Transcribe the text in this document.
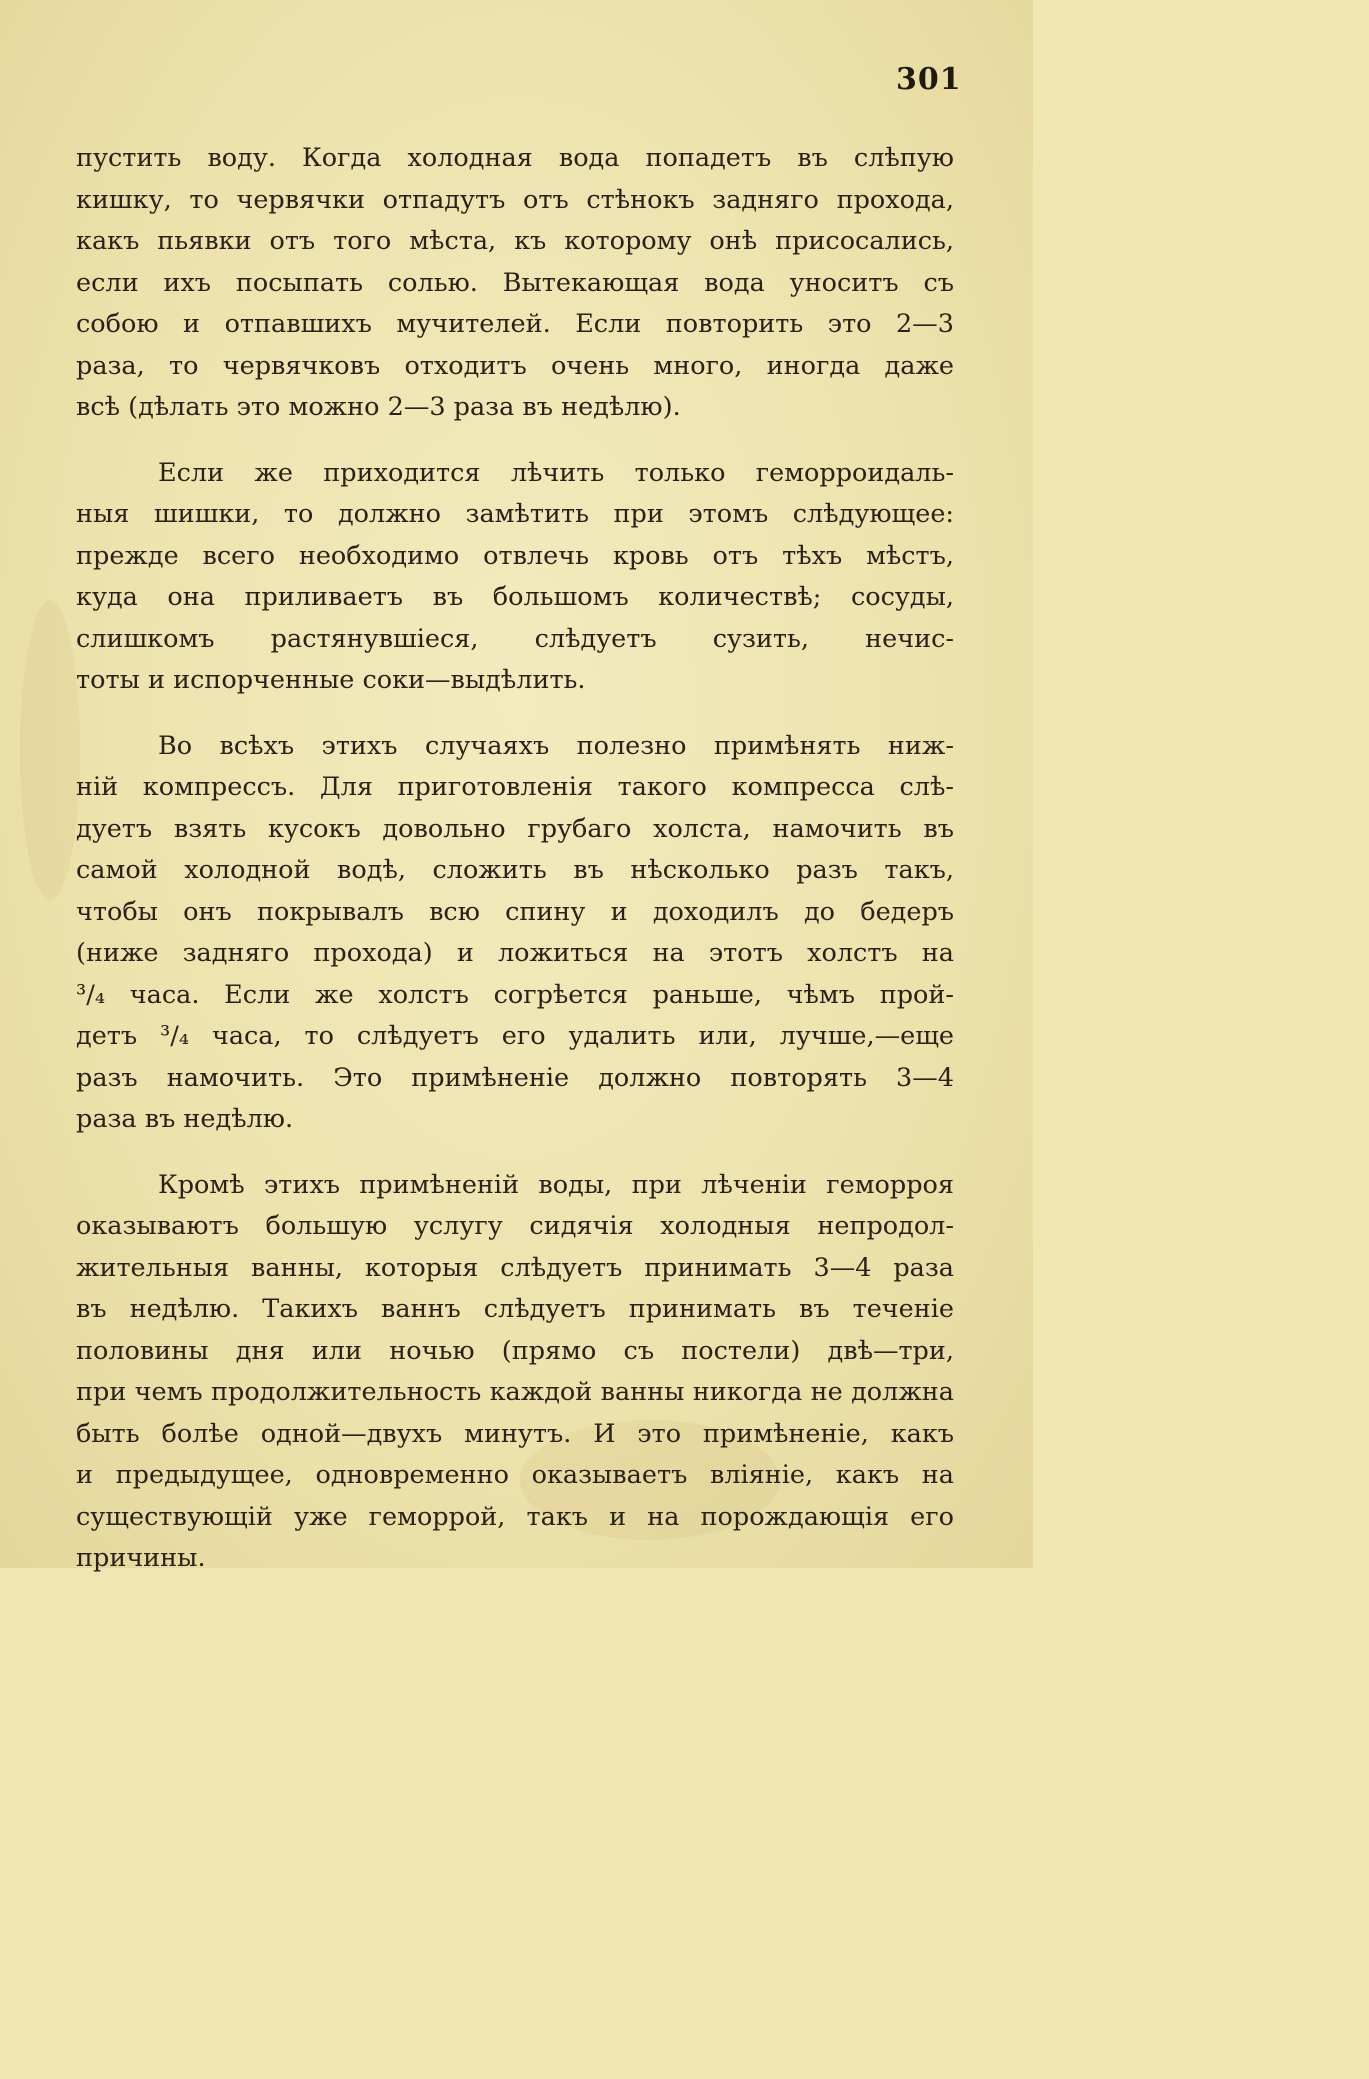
301
пустить воду. Когда холодная вода попадетъ въ слѣпую
кишку, то червячки отпадутъ отъ стѣнокъ задняго прохода,
какъ пьявки отъ того мѣста, къ которому онѣ присосались,
если ихъ посыпать солью. Вытекающая вода уноситъ съ
собою и отпавшихъ мучителей. Если повторить это 2—3
раза, то червячковъ отходитъ очень много, иногда даже
всѣ (дѣлать это можно 2—3 раза въ недѣлю).
Если же приходится лѣчить только геморроидаль-
ныя шишки, то должно замѣтить при этомъ слѣдующее:
прежде всего необходимо отвлечь кровь отъ тѣхъ мѣстъ,
куда она приливаетъ въ большомъ количествѣ; сосуды,
слишкомъ растянувшіеся, слѣдуетъ сузить, нечис-
тоты и испорченные соки—выдѣлить.
Во всѣхъ этихъ случаяхъ полезно примѣнять ниж-
ній компрессъ. Для приготовленія такого компресса слѣ-
дуетъ взять кусокъ довольно грубаго холста, намочить въ
самой холодной водѣ, сложить въ нѣсколько разъ такъ,
чтобы онъ покрывалъ всю спину и доходилъ до бедеръ
(ниже задняго прохода) и ложиться на этотъ холстъ на
³/₄ часа. Если же холстъ согрѣется раньше, чѣмъ прой-
детъ ³/₄ часа, то слѣдуетъ его удалить или, лучше,—еще
разъ намочить. Это примѣненіе должно повторять 3—4
раза въ недѣлю.
Кромѣ этихъ примѣненій воды, при лѣченіи геморроя
оказываютъ большую услугу сидячія холодныя непродол-
жительныя ванны, которыя слѣдуетъ принимать 3—4 раза
въ недѣлю. Такихъ ваннъ слѣдуетъ принимать въ теченіе
половины дня или ночью (прямо съ постели) двѣ—три,
при чемъ продолжительность каждой ванны никогда не должна
быть болѣе одной—двухъ минутъ. И это примѣненіе, какъ
и предыдущее, одновременно оказываетъ вліяніе, какъ на
существующій уже геморрой, такъ и на порождающія его
причины.
